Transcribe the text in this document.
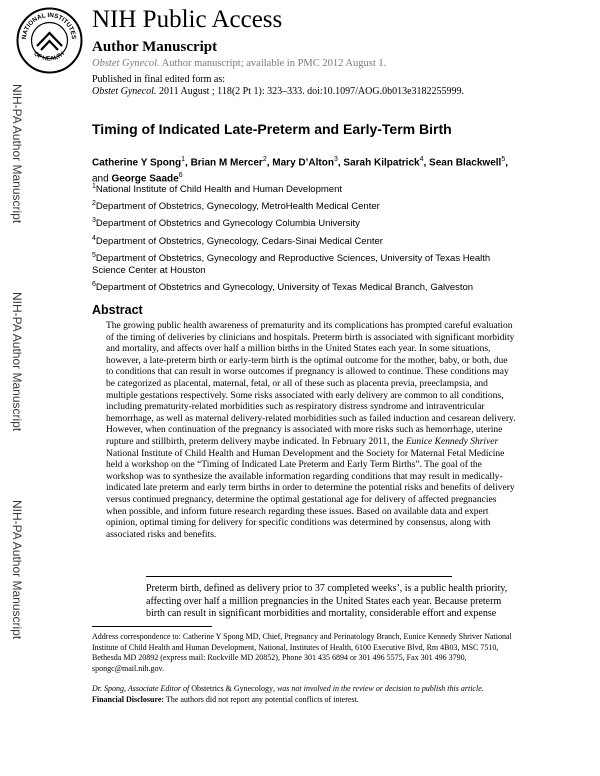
NATIONAL INSTITUTES
OF HEALTH
NIH Public Access
Author Manuscript
Obstet Gynecol. Author manuscript; available in PMC 2012 August 1.
NIH-PA Author Manuscript
NIH-PA Author Manuscript
NIH-PA Author Manuscript
Published in final edited form as:
Obstet Gynecol. 2011 August ; 118(2 Pt 1): 323–333. doi:10.1097/AOG.0b013e3182255999.
Timing of Indicated Late-Preterm and Early-Term Birth
Catherine Y Spong$^1$, Brian M Mercer$^2$, Mary D’Alton$^3$, Sarah Kilpatrick$^4$, Sean Blackwell$^5$, and George Saade$^6$
$^1$National Institute of Child Health and Human Development
$^2$Department of Obstetrics, Gynecology, MetroHealth Medical Center
$^3$Department of Obstetrics and Gynecology Columbia University
$^4$Department of Obstetrics, Gynecology, Cedars-Sinai Medical Center
$^5$Department of Obstetrics, Gynecology and Reproductive Sciences, University of Texas Health Science Center at Houston
$^6$Department of Obstetrics and Gynecology, University of Texas Medical Branch, Galveston
Abstract
The growing public health awareness of prematurity and its complications has prompted careful evaluation of the timing of deliveries by clinicians and hospitals. Preterm birth is associated with significant morbidity and mortality, and affects over half a million births in the United States each year. In some situations, however, a late-preterm birth or early-term birth is the optimal outcome for the mother, baby, or both, due to conditions that can result in worse outcomes if pregnancy is allowed to continue. These conditions may be categorized as placental, maternal, fetal, or all of these such as placenta previa, preeclampsia, and multiple gestations respectively. Some risks associated with early delivery are common to all conditions, including prematurity-related morbidities such as respiratory distress syndrome and intraventricular hemorrhage, as well as maternal delivery-related morbidities such as failed induction and cesarean delivery. However, when continuation of the pregnancy is associated with more risks such as hemorrhage, uterine rupture and stillbirth, preterm delivery maybe indicated. In February 2011, the Eunice Kennedy Shriver National Institute of Child Health and Human Development and the Society for Maternal Fetal Medicine held a workshop on the “Timing of Indicated Late Preterm and Early Term Births”. The goal of the workshop was to synthesize the available information regarding conditions that may result in medically-indicated late preterm and early term births in order to determine the potential risks and benefits of delivery versus continued pregnancy, determine the optimal gestational age for delivery of affected pregnancies when possible, and inform future research regarding these issues. Based on available data and expert opinion, optimal timing for delivery for specific conditions was determined by consensus, along with associated risks and benefits.
Preterm birth, defined as delivery prior to 37 completed weeks’, is a public health priority, affecting over half a million pregnancies in the United States each year. Because preterm birth can result in significant morbidities and mortality, considerable effort and expense
Address correspondence to: Catherine Y Spong MD, Chief, Pregnancy and Perinatology Branch, Eunice Kennedy Shriver National Institute of Child Health and Human Development, National, Institutes of Health, 6100 Executive Blvd, Rm 4B03, MSC 7510, Bethesda MD 20892 (express mail: Rockville MD 20852), Phone 301 435 6894 or 301 496 5575, Fax 301 496 3790, spongc@mail.nih.gov.
Dr. Spong, Associate Editor of Obstetrics & Gynecology, was not involved in the review or decision to publish this article.
Financial Disclosure: The authors did not report any potential conflicts of interest.
